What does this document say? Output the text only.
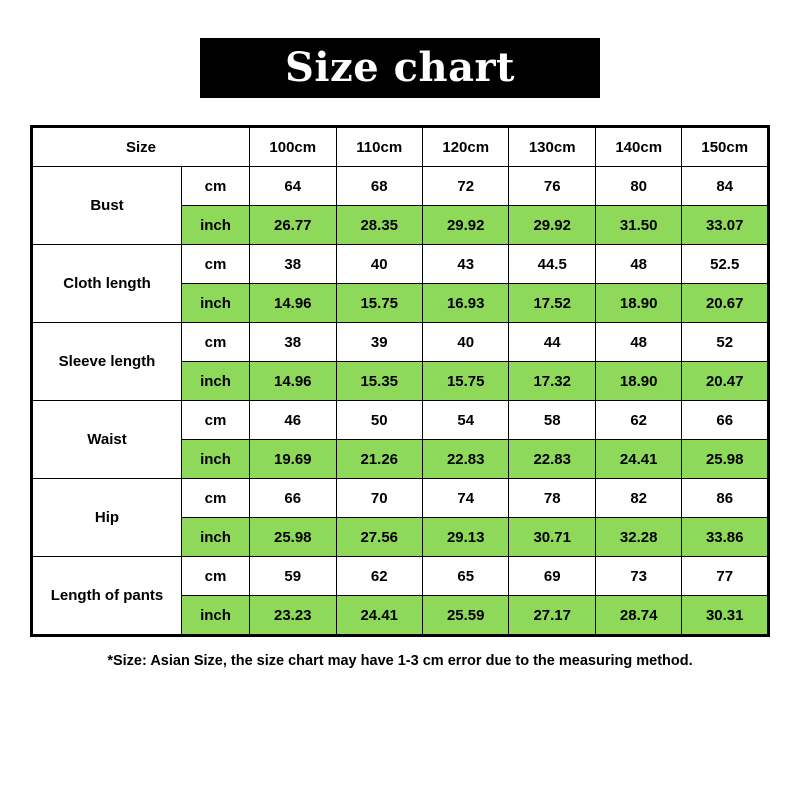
Size chart
Size		100cm	110cm	120cm	130cm	140cm	150cm
Bust	cm	64	68	72	76	80	84
	inch	26.77	28.35	29.92	29.92	31.50	33.07
Cloth length	cm	38	40	43	44.5	48	52.5
	inch	14.96	15.75	16.93	17.52	18.90	20.67
Sleeve length	cm	38	39	40	44	48	52
	inch	14.96	15.35	15.75	17.32	18.90	20.47
Waist	cm	46	50	54	58	62	66
	inch	19.69	21.26	22.83	22.83	24.41	25.98
Hip	cm	66	70	74	78	82	86
	inch	25.98	27.56	29.13	30.71	32.28	33.86
Length of pants	cm	59	62	65	69	73	77
	inch	23.23	24.41	25.59	27.17	28.74	30.31
*Size: Asian Size, the size chart may have 1-3 cm error due to the measuring method.
